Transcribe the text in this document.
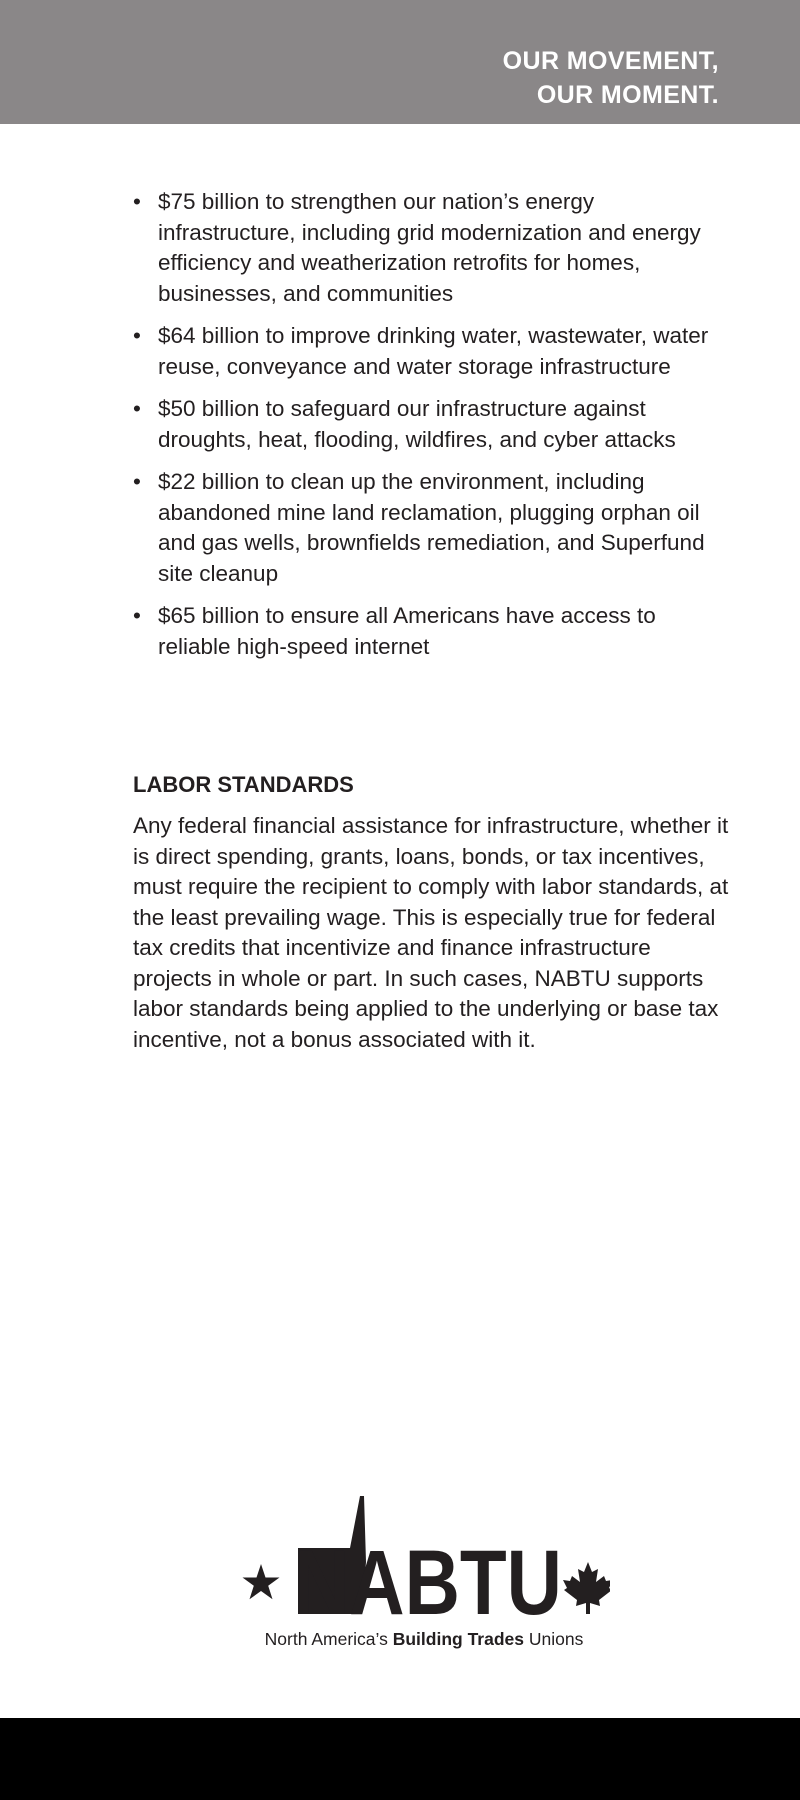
OUR MOVEMENT,
OUR MOMENT.
• $75 billion to strengthen our nation’s energy infrastructure, including grid modernization and energy efficiency and weatherization retrofits for homes, businesses, and communities
• $64 billion to improve drinking water, wastewater, water reuse, conveyance and water storage infrastructure
• $50 billion to safeguard our infrastructure against droughts, heat, flooding, wildfires, and cyber attacks
• $22 billion to clean up the environment, including abandoned mine land reclamation, plugging orphan oil and gas wells, brownfields remediation, and Superfund site cleanup
• $65 billion to ensure all Americans have access to reliable high-speed internet
LABOR STANDARDS

Any federal financial assistance for infrastructure, whether it is direct spending, grants, loans, bonds, or tax incentives, must require the recipient to comply with labor standards, at the least prevailing wage. This is especially true for federal tax credits that incentivize and finance infrastructure projects in whole or part. In such cases, NABTU supports labor standards being applied to the underlying or base tax incentive, not a bonus associated with it.

NABTU
North America’s Building Trades Unions
